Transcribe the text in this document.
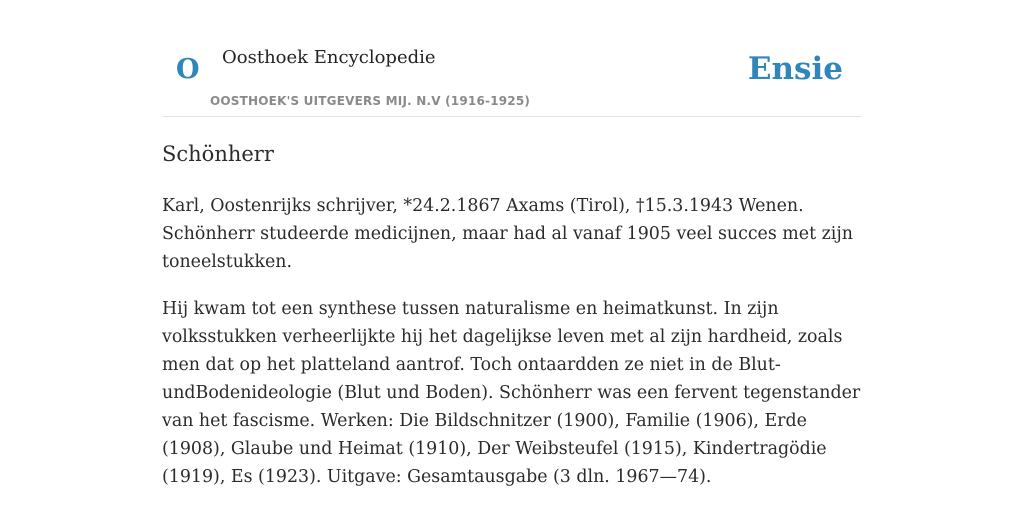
O Oosthoek Encyclopedie
OOSTHOEK'S UITGEVERS MIJ. N.V (1916-1925)
Ensie
Schönherr

Karl, Oostenrijks schrijver, *24.2.1867 Axams (Tirol), †15.3.1943 Wenen. Schönherr studeerde medicijnen, maar had al vanaf 1905 veel succes met zijn toneelstukken.

Hij kwam tot een synthese tussen naturalisme en heimatkunst. In zijn volksstukken verheerlijkte hij het dagelijkse leven met al zijn hardheid, zoals men dat op het platteland aantrof. Toch ontaardden ze niet in de Blut-undBodenideologie (Blut und Boden). Schönherr was een fervent tegenstander van het fascisme. Werken: Die Bildschnitzer (1900), Familie (1906), Erde (1908), Glaube und Heimat (1910), Der Weibsteufel (1915), Kindertragödie (1919), Es (1923). Uitgave: Gesamtausgabe (3 dln. 1967—74).
